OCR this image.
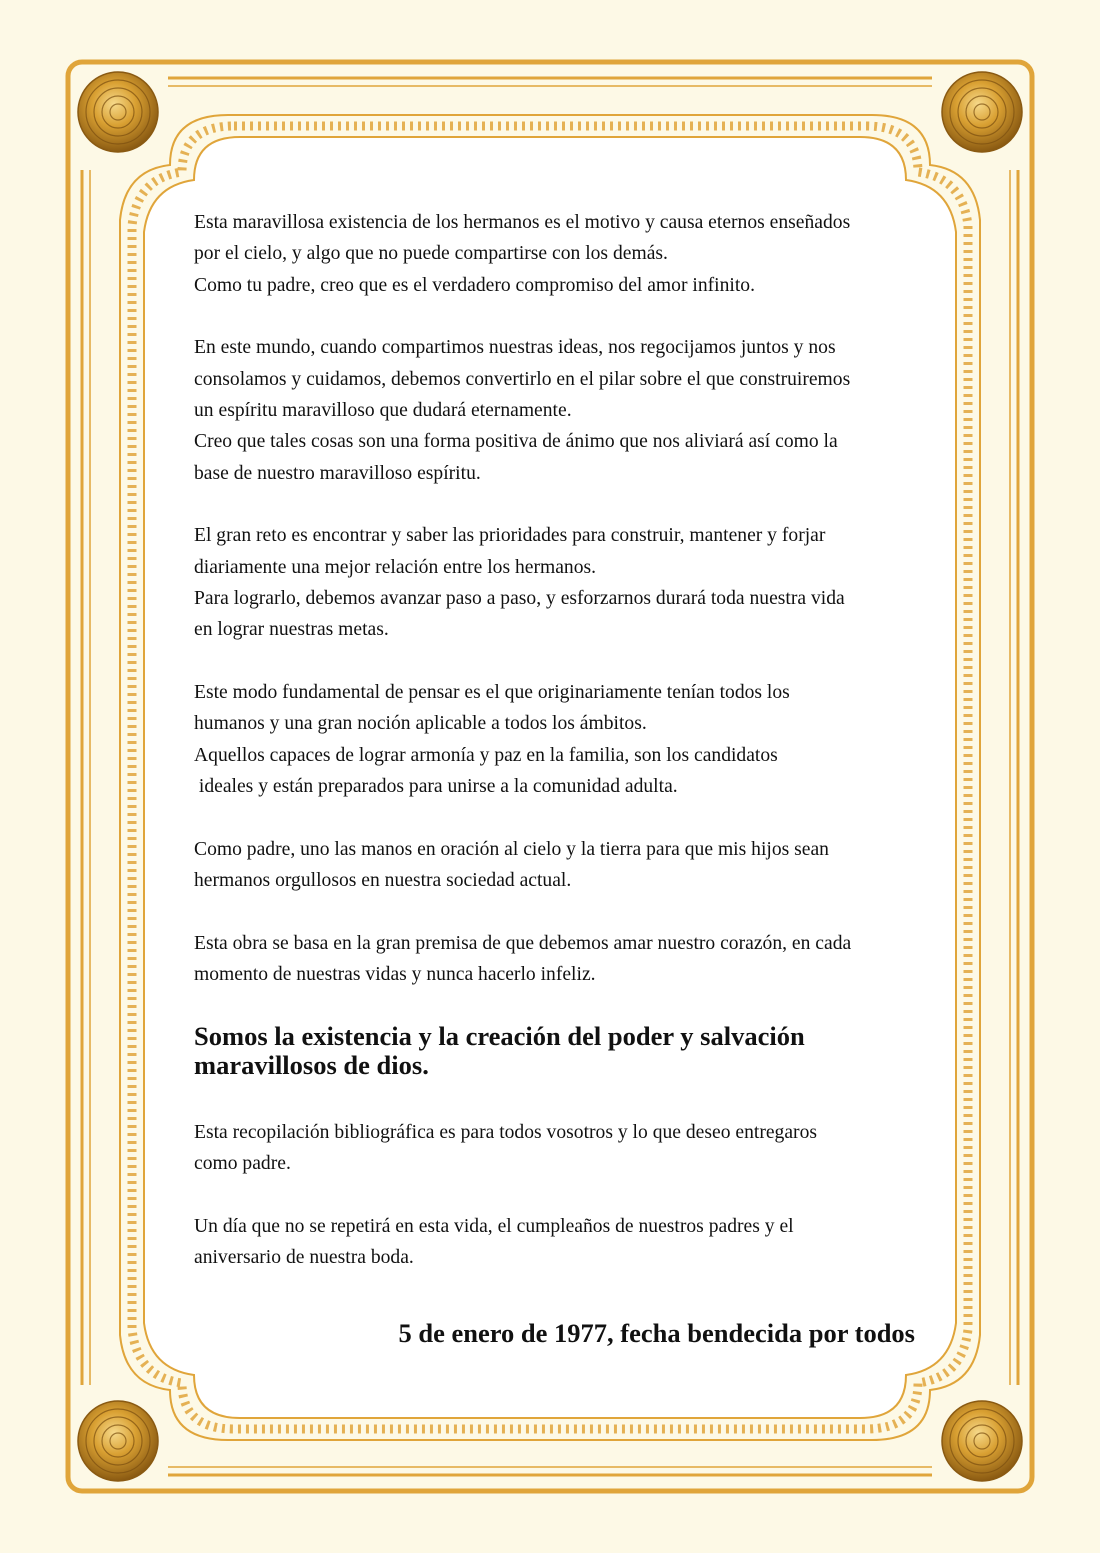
Esta maravillosa existencia de los hermanos es el motivo y causa eternos enseñados
por el cielo, y algo que no puede compartirse con los demás.
Como tu padre, creo que es el verdadero compromiso del amor infinito.
En este mundo, cuando compartimos nuestras ideas, nos regocijamos juntos y nos
consolamos y cuidamos, debemos convertirlo en el pilar sobre el que construiremos
un espíritu maravilloso que dudará eternamente.
Creo que tales cosas son una forma positiva de ánimo que nos aliviará así como la
base de nuestro maravilloso espíritu.
El gran reto es encontrar y saber las prioridades para construir, mantener y forjar
diariamente una mejor relación entre los hermanos.
Para lograrlo, debemos avanzar paso a paso, y esforzarnos durará toda nuestra vida
en lograr nuestras metas.
Este modo fundamental de pensar es el que originariamente tenían todos los
humanos y una gran noción aplicable a todos los ámbitos.
Aquellos capaces de lograr armonía y paz en la familia, son los candidatos
ideales y están preparados para unirse a la comunidad adulta.
Como padre, uno las manos en oración al cielo y la tierra para que mis hijos sean
hermanos orgullosos en nuestra sociedad actual.
Esta obra se basa en la gran premisa de que debemos amar nuestro corazón, en cada
momento de nuestras vidas y nunca hacerlo infeliz.
Somos la existencia y la creación del poder y salvación
maravillosos de dios.
Esta recopilación bibliográfica es para todos vosotros y lo que deseo entregaros
como padre.
Un día que no se repetirá en esta vida, el cumpleaños de nuestros padres y el
aniversario de nuestra boda.
5 de enero de 1977, fecha bendecida por todos
